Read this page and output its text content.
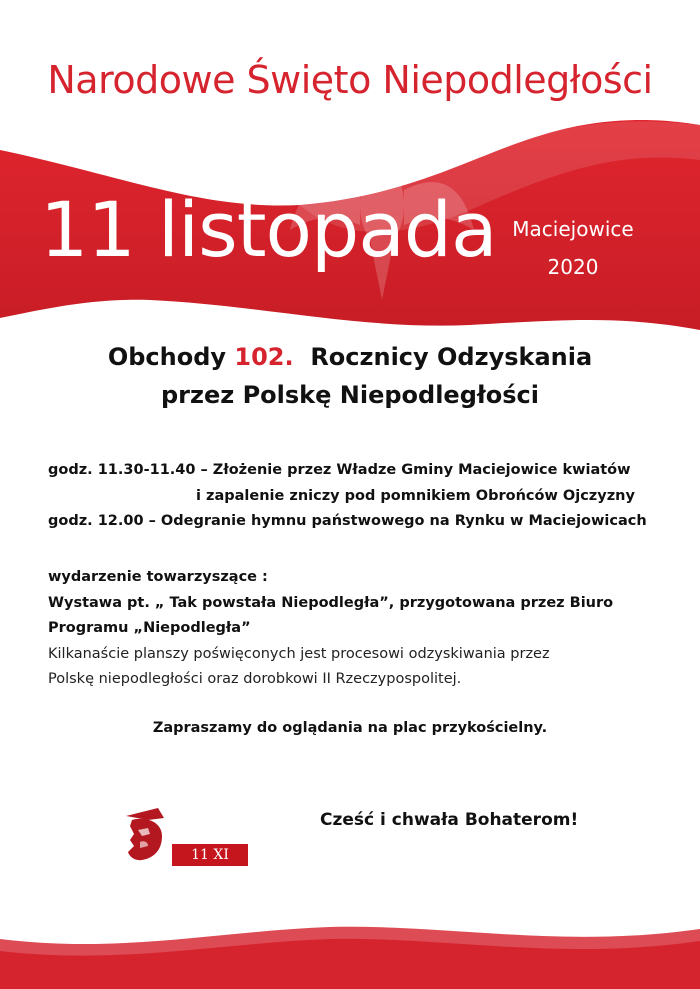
Narodowe Święto Niepodległości
11 listopada Maciejowice
2020
Obchody 102.  Rocznicy Odzyskania
przez Polskę Niepodległości
godz. 11.30-11.40 – Złożenie przez Władze Gminy Maciejowice kwiatów
i zapalenie zniczy pod pomnikiem Obrońców Ojczyzny
godz. 12.00 – Odegranie hymnu państwowego na Rynku w Maciejowicach
wydarzenie towarzyszące :
Wystawa pt. „ Tak powstała Niepodległa”, przygotowana przez Biuro
Programu „Niepodległa”
Kilkanaście planszy poświęconych jest procesowi odzyskiwania przez
Polskę niepodległości oraz dorobkowi II Rzeczypospolitej.
Zapraszamy do oglądania na plac przykościelny.
11 XI 1918
Cześć i chwała Bohaterom!
